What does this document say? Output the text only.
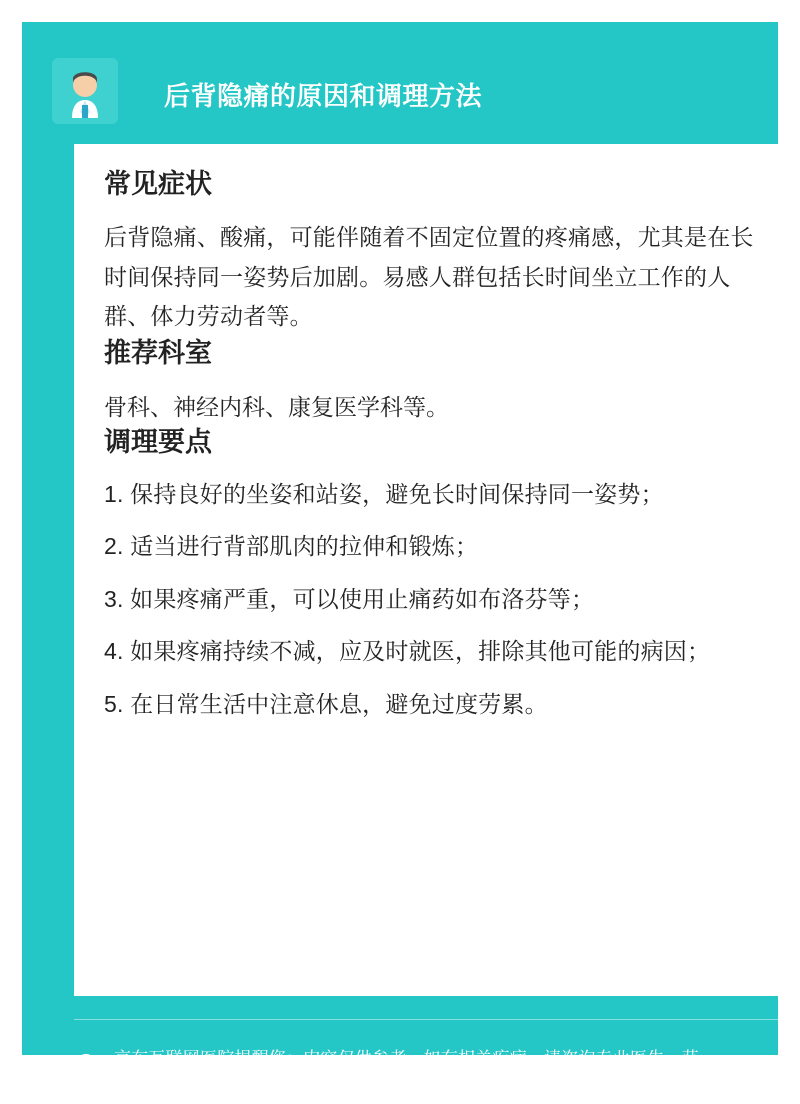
后背隐痛的原因和调理方法
常见症状

后背隐痛、酸痛，可能伴随着不固定位置的疼痛感，尤其是在长时间保持同一姿势后加剧。易感人群包括长时间坐立工作的人群、体力劳动者等。

推荐科室

骨科、神经内科、康复医学科等。

调理要点
1. 保持良好的坐姿和站姿，避免长时间保持同一姿势；
2. 适当进行背部肌肉的拉伸和锻炼；
3. 如果疼痛严重，可以使用止痛药如布洛芬等；
4. 如果疼痛持续不减，应及时就医，排除其他可能的病因；
5. 在日常生活中注意休息，避免过度劳累。
i	京东互联网医院提醒您：内容仅供参考，如有相关疾病，请咨询专业医生，获取最适合您的治疗方案
